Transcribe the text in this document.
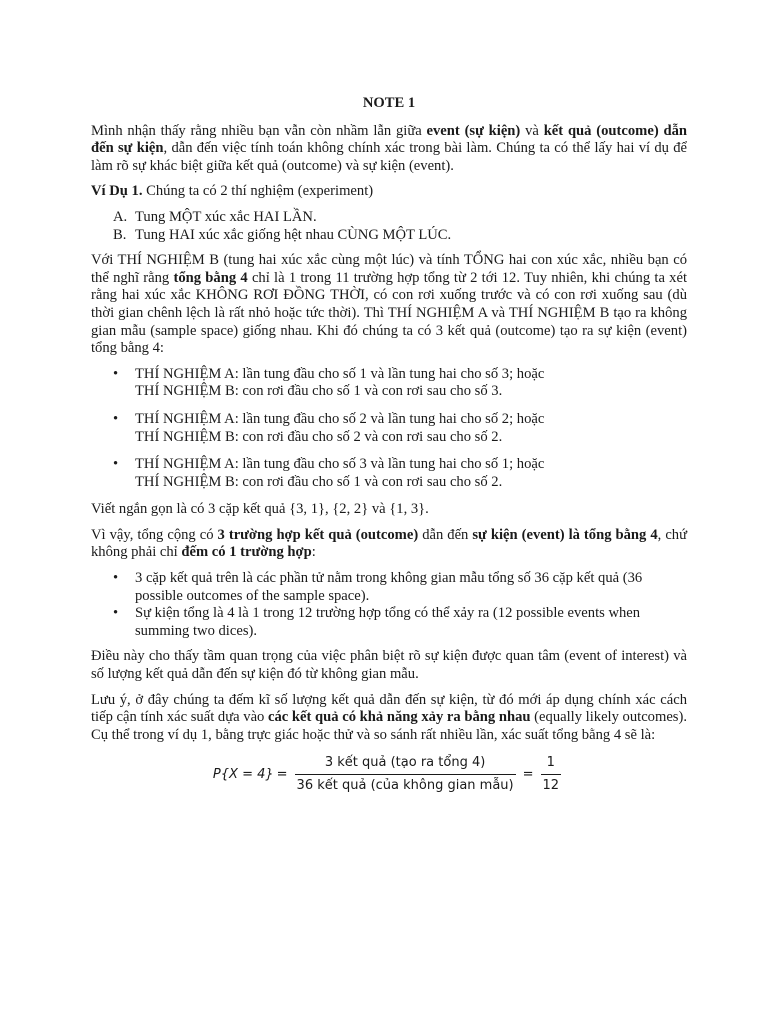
NOTE 1

Mình nhận thấy rằng nhiều bạn vẫn còn nhầm lẫn giữa event (sự kiện) và kết quả (outcome) dẫn đến sự kiện, dẫn đến việc tính toán không chính xác trong bài làm. Chúng ta có thể lấy hai ví dụ để làm rõ sự khác biệt giữa kết quả (outcome) và sự kiện (event).

Ví Dụ 1. Chúng ta có 2 thí nghiệm (experiment)

A. Tung MỘT xúc xắc HAI LẦN.
B. Tung HAI xúc xắc giống hệt nhau CÙNG MỘT LÚC.

Với THÍ NGHIỆM B (tung hai xúc xắc cùng một lúc) và tính TỔNG hai con xúc xắc, nhiều bạn có thể nghĩ rằng tổng bằng 4 chỉ là 1 trong 11 trường hợp tổng từ 2 tới 12. Tuy nhiên, khi chúng ta xét rằng hai xúc xắc KHÔNG RƠI ĐỒNG THỜI, có con rơi xuống trước và có con rơi xuống sau (dù thời gian chênh lệch là rất nhỏ hoặc tức thời). Thì THÍ NGHIỆM A và THÍ NGHIỆM B tạo ra không gian mẫu (sample space) giống nhau. Khi đó chúng ta có 3 kết quả (outcome) tạo ra sự kiện (event) tổng bằng 4:

•	THÍ NGHIỆM A: lần tung đầu cho số 1 và lần tung hai cho số 3; hoặc
THÍ NGHIỆM B: con rơi đầu cho số 1 và con rơi sau cho số 3.
•	THÍ NGHIỆM A: lần tung đầu cho số 2 và lần tung hai cho số 2; hoặc
THÍ NGHIỆM B: con rơi đầu cho số 2 và con rơi sau cho số 2.
•	THÍ NGHIỆM A: lần tung đầu cho số 3 và lần tung hai cho số 1; hoặc
THÍ NGHIỆM B: con rơi đầu cho số 1 và con rơi sau cho số 2.

Viết ngắn gọn là có 3 cặp kết quả {3, 1}, {2, 2} và {1, 3}.

Vì vậy, tổng cộng có 3 trường hợp kết quả (outcome) dẫn đến sự kiện (event) là tổng bằng 4, chứ không phải chỉ đếm có 1 trường hợp:

•	3 cặp kết quả trên là các phần tử nằm trong không gian mẫu tổng số 36 cặp kết quả (36 possible outcomes of the sample space).
•	Sự kiện tổng là 4 là 1 trong 12 trường hợp tổng có thể xảy ra (12 possible events when summing two dices).

Điều này cho thấy tầm quan trọng của việc phân biệt rõ sự kiện được quan tâm (event of interest) và số lượng kết quả dẫn đến sự kiện đó từ không gian mẫu.

Lưu ý, ở đây chúng ta đếm kĩ số lượng kết quả dẫn đến sự kiện, từ đó mới áp dụng chính xác cách tiếp cận tính xác suất dựa vào các kết quả có khả năng xảy ra bằng nhau (equally likely outcomes). Cụ thể trong ví dụ 1, bằng trực giác hoặc thử và so sánh rất nhiều lần, xác suất tổng bằng 4 sẽ là:

$P\{X = 4\} = \frac{\text{3 kết quả (tạo ra tổng 4)}}{\text{36 kết quả (của không gian mẫu)}} = \frac{1}{12}$
